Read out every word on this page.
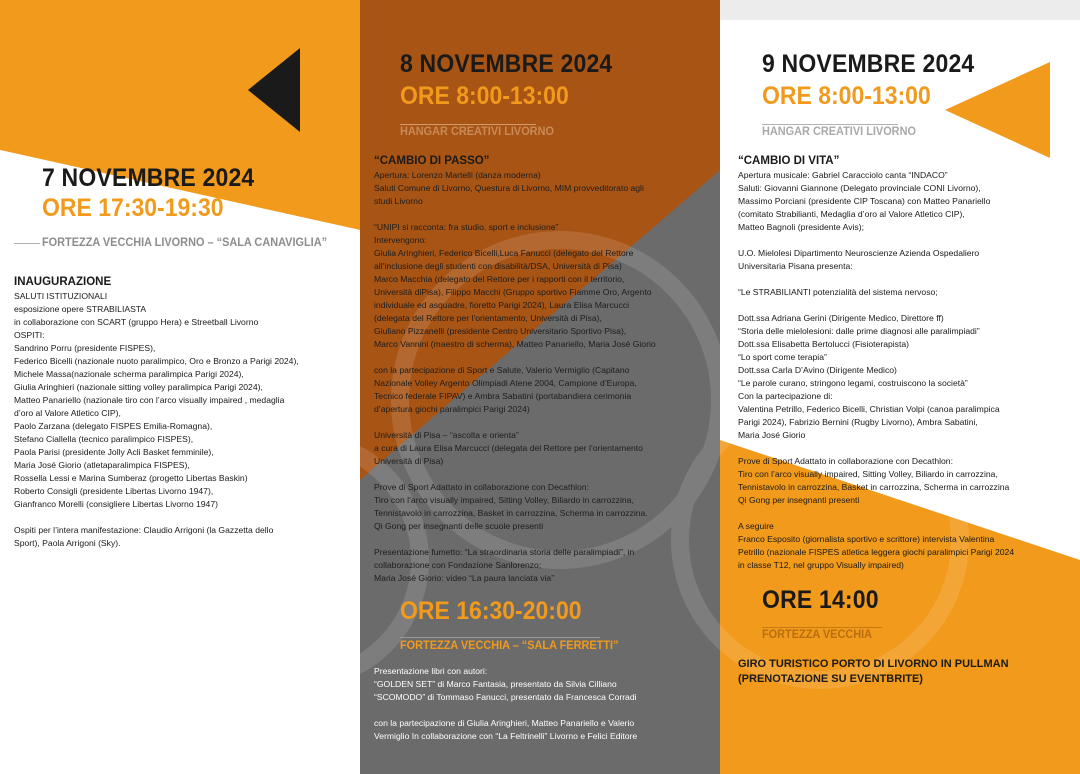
7 NOVEMBRE 2024
ORE 17:30-19:30
FORTEZZA VECCHIA LIVORNO – “SALA CANAVIGLIA”
INAUGURAZIONE

SALUTI ISTITUZIONALI

esposizione opere STRABILIASTA

in collaborazione con SCART (gruppo Hera) e Streetball Livorno

OSPITI:

Sandrino Porru (presidente FISPES),

Federico Bicelli (nazionale nuoto paralimpico, Oro e Bronzo a Parigi 2024),

Michele Massa(nazionale scherma paralimpica Parigi 2024),

Giulia Aringhieri (nazionale sitting volley paralimpica Parigi 2024),

Matteo Panariello (nazionale tiro con l’arco visually impaired , medaglia

d’oro al Valore Atletico CIP),

Paolo Zarzana (delegato FISPES Emilia-Romagna),

Stefano Ciallella (tecnico paralimpico FISPES),

Paola Parisi (presidente Jolly Acli Basket femminile),

Maria José Giorio (atletaparalimpica FISPES),

Rossella Lessi e Marina Sumberaz (progetto Libertas Baskin)

Roberto Consigli (presidente Libertas Livorno 1947),

Gianfranco Morelli (consigliere Libertas Livorno 1947)

Ospiti per l’intera manifestazione: Claudio Arrigoni (la Gazzetta dello

Sport), Paola Arrigoni (Sky).

8 NOVEMBRE 2024
ORE 8:00-13:00
HANGAR CREATIVI LIVORNO
“CAMBIO DI PASSO”

Apertura: Lorenzo Martelli (danza moderna)

Saluti Comune di Livorno, Questura di Livorno, MIM provveditorato agli

studi Livorno

“UNIPI si racconta: fra studio, sport e inclusione”

Intervengono:

Giulia Aringhieri, Federico Bicelli,Luca Fanucci (delegato del Rettore

all’inclusione degli studenti con disabilità/DSA, Università di Pisa)

Marco Macchia (delegato del Rettore per i rapporti con il territorio,

Università diPisa), Filippo Macchi (Gruppo sportivo Fiamme Oro, Argento

individuale ed asquadre, fioretto Parigi 2024), Laura Elisa Marcucci

(delegata del Rettore per l’orientamento, Università di Pisa),

Giuliano Pizzanelli (presidente Centro Universitario Sportivo Pisa),

Marco Vannini (maestro di scherma), Matteo Panariello, Maria José Giorio

con la partecipazione di Sport e Salute, Valerio Vermiglio (Capitano

Nazionale Volley Argento Olimpiadi Atene 2004, Campione d’Europa,

Tecnico federale FIPAV) e Ambra Sabatini (portabandiera cerimonia

d’apertura giochi paralimpici Parigi 2024)

Università di Pisa – “ascolta e orienta”

a cura di Laura Elisa Marcucci (delegata del Rettore per l’orientamento

Università di Pisa)

Prove di Sport Adattato in collaborazione con Decathlon:

Tiro con l’arco visually impaired, Sitting Volley, Biliardo in carrozzina,

Tennistavolo in carrozzina, Basket in carrozzina, Scherma in carrozzina.

Qi Gong per insegnanti delle scuole presenti

Presentazione fumetto: “La straordinaria storia delle paralimpiadi”, in

collaborazione con Fondazione Sanlorenzo;

Maria José Giorio: video “La paura lanciata via”

ORE 16:30-20:00
FORTEZZA VECCHIA – “SALA FERRETTI”

Presentazione libri con autori:

“GOLDEN SET” di Marco Fantasia, presentato da Silvia Cilliano

“SCOMODO” di Tommaso Fanucci, presentato da Francesca Corradi

con la partecipazione di Giulia Aringhieri, Matteo Panariello e Valerio

Vermiglio In collaborazione con “La Feltrinelli” Livorno e Felici Editore

9 NOVEMBRE 2024
ORE 8:00-13:00
HANGAR CREATIVI LIVORNO
“CAMBIO DI VITA”

Apertura musicale: Gabriel Caracciolo canta “INDACO”

Saluti: Giovanni Giannone (Delegato provinciale CONI Livorno),

Massimo Porciani (presidente CIP Toscana) con Matteo Panariello

(comitato Strabilianti, Medaglia d’oro al Valore Atletico CIP),

Matteo Bagnoli (presidente Avis);

U.O. Mielolesi Dipartimento Neuroscienze Azienda Ospedaliero

Universitaria Pisana presenta:

“Le STRABILIANTI potenzialità del sistema nervoso;

Dott.ssa Adriana Gerini (Dirigente Medico, Direttore ff)

“Storia delle mielolesioni: dalle prime diagnosi alle paralimpiadi”

Dott.ssa Elisabetta Bertolucci (Fisioterapista)

“Lo sport come terapia”

Dott.ssa Carla D’Avino (Dirigente Medico)

“Le parole curano, stringono legami, costruiscono la società”

Con la partecipazione di:

Valentina Petrillo, Federico Bicelli, Christian Volpi (canoa paralimpica

Parigi 2024), Fabrizio Bernini (Rugby Livorno), Ambra Sabatini,

Maria José Giorio

Prove di Sport Adattato in collaborazione con Decathlon:

Tiro con l’arco visually impaired, Sitting Volley, Biliardo in carrozzina,

Tennistavolo in carrozzina, Basket in carrozzina, Scherma in carrozzina

Qi Gong per insegnanti presenti

A seguire

Franco Esposito (giornalista sportivo e scrittore) intervista Valentina

Petrillo (nazionale FISPES atletica leggera giochi paralimpici Parigi 2024

in classe T12, nel gruppo Visually impaired)

ORE 14:00
FORTEZZA VECCHIA
GIRO TURISTICO PORTO DI LIVORNO IN PULLMAN
(PRENOTAZIONE SU EVENTBRITE)
